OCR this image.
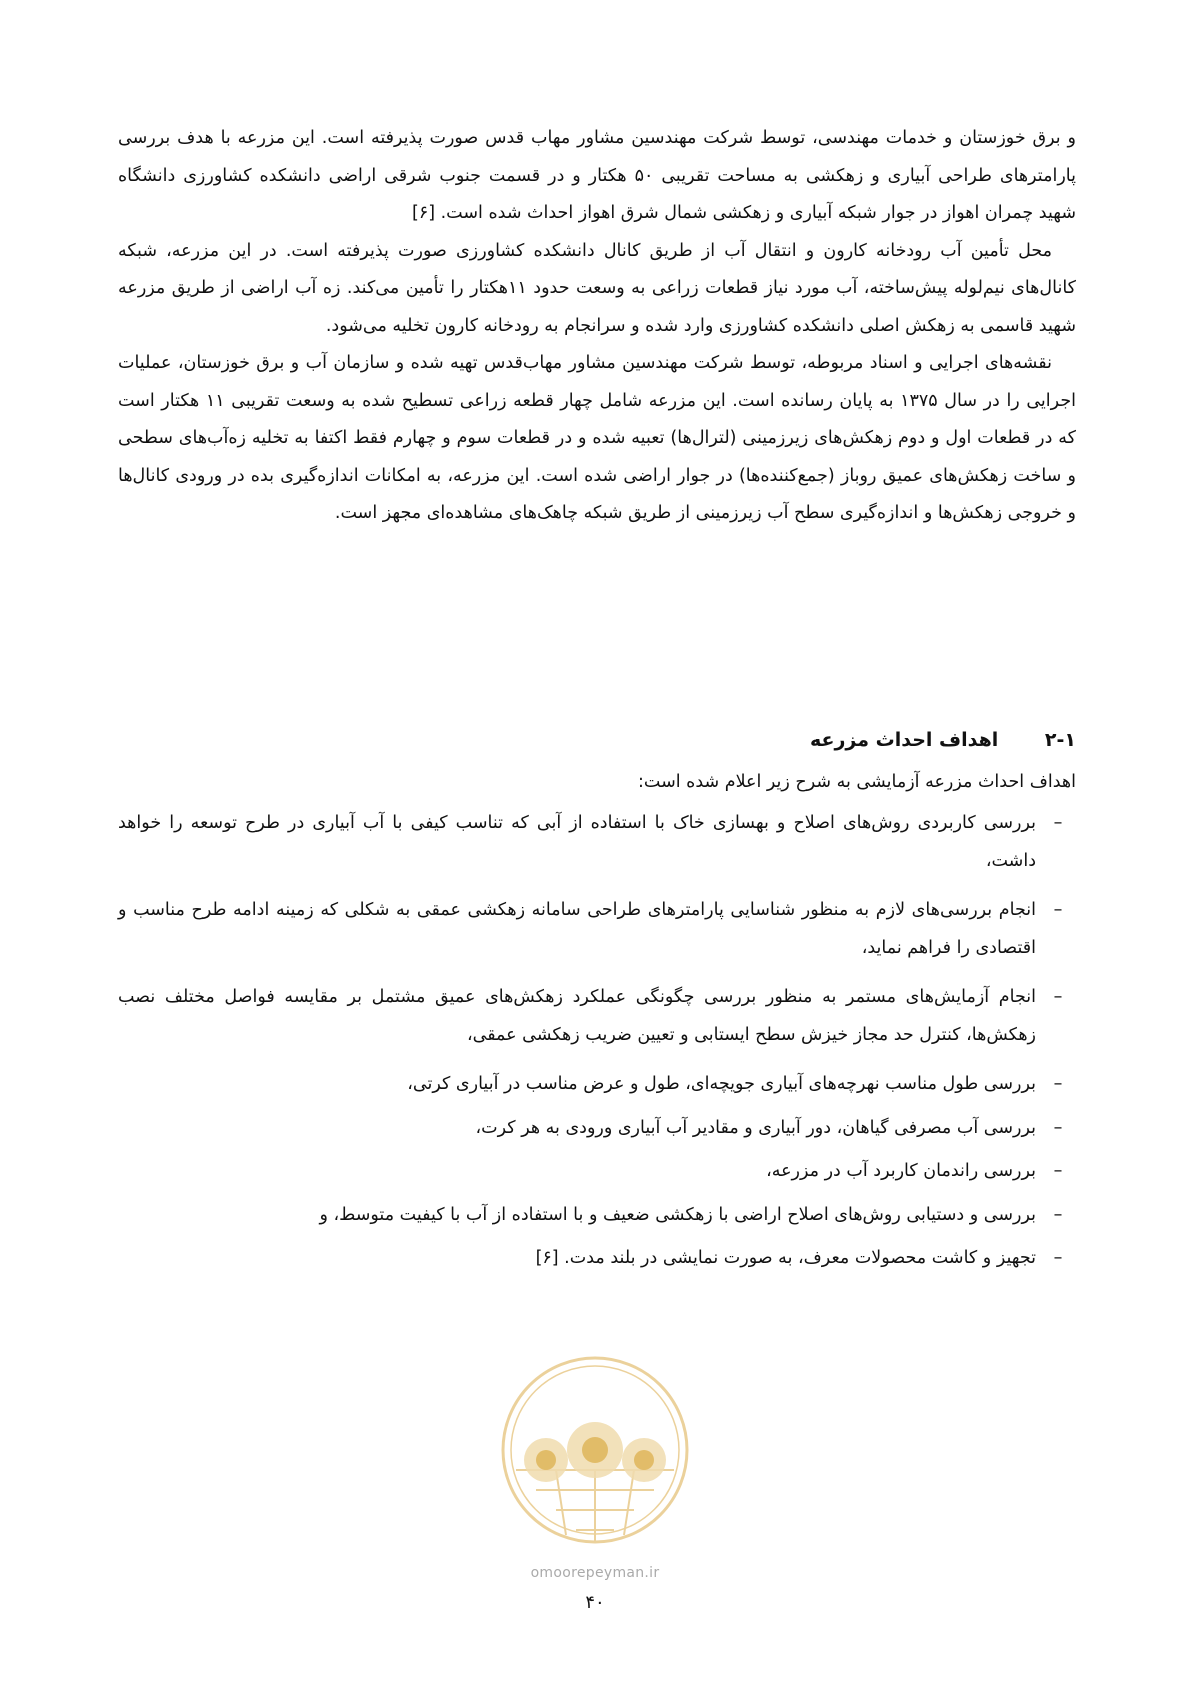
و برق خوزستان و خدمات مهندسی، توسط شرکت مهندسین مشاور مهاب قدس صورت پذیرفته است. این مزرعه با هدف بررسی پارامترهای طراحی آبیاری و زهکشی به مساحت تقریبی ۵۰ هکتار و در قسمت جنوب شرقی اراضی دانشکده کشاورزی دانشگاه شهید چمران اهواز در جوار شبکه آبیاری و زهکشی شمال شرق اهواز احداث شده است. [۶]

محل تأمین آب رودخانه کارون و انتقال آب از طریق کانال دانشکده کشاورزی صورت پذیرفته است. در این مزرعه، شبکه کانال‌های نیم‌لوله پیش‌ساخته، آب مورد نیاز قطعات زراعی به وسعت حدود ۱۱هکتار را تأمین می‌کند. زه آب اراضی از طریق مزرعه شهید قاسمی به زهکش اصلی دانشکده کشاورزی وارد شده و سرانجام به رودخانه کارون تخلیه می‌شود.

نقشه‌های اجرایی و اسناد مربوطه، توسط شرکت مهندسین مشاور مهاب‌قدس تهیه شده و سازمان آب و برق خوزستان، عملیات اجرایی را در سال ۱۳۷۵ به پایان رسانده است. این مزرعه شامل چهار قطعه زراعی تسطیح شده به وسعت تقریبی ۱۱ هکتار است که در قطعات اول و دوم زهکش‌های زیرزمینی (لترال‌ها) تعبیه شده و در قطعات سوم و چهارم فقط اکتفا به تخلیه زه‌آب‌های سطحی و ساخت زهکش‌های عمیق روباز (جمع‌کننده‌ها) در جوار اراضی شده است. این مزرعه، به امکانات اندازه‌گیری بده در ورودی کانال‌ها و خروجی زهکش‌ها و اندازه‌گیری سطح آب زیرزمینی از طریق شبکه چاهک‌های مشاهده‌ای مجهز است.

۲-۱ اهداف احداث مزرعه
اهداف احداث مزرعه آزمایشی به شرح زیر اعلام شده است:
–
بررسی کاربردی روش‌های اصلاح و بهسازی خاک با استفاده از آبی که تناسب کیفی با آب آبیاری در طرح توسعه را خواهد داشت،
–
انجام بررسی‌های لازم به منظور شناسایی پارامترهای طراحی سامانه زهکشی عمقی به شکلی که زمینه ادامه طرح مناسب و اقتصادی را فراهم نماید،
–
انجام آزمایش‌های مستمر به منظور بررسی چگونگی عملکرد زهکش‌های عمیق مشتمل بر مقایسه فواصل مختلف نصب زهکش‌ها، کنترل حد مجاز خیزش سطح ایستابی و تعیین ضریب زهکشی عمقی،
–
بررسی طول مناسب نهرچه‌های آبیاری جویچه‌ای، طول و عرض مناسب در آبیاری کرتی،
–
بررسی آب مصرفی گیاهان، دور آبیاری و مقادیر آب آبیاری ورودی به هر کرت،
–
بررسی راندمان کاربرد آب در مزرعه،
–
بررسی و دستیابی روش‌های اصلاح اراضی با زهکشی ضعیف و با استفاده از آب با کیفیت متوسط، و
–
تجهیز و کاشت محصولات معرف، به صورت نمایشی در بلند مدت. [۶]
omoorepeyman.ir
۴۰
